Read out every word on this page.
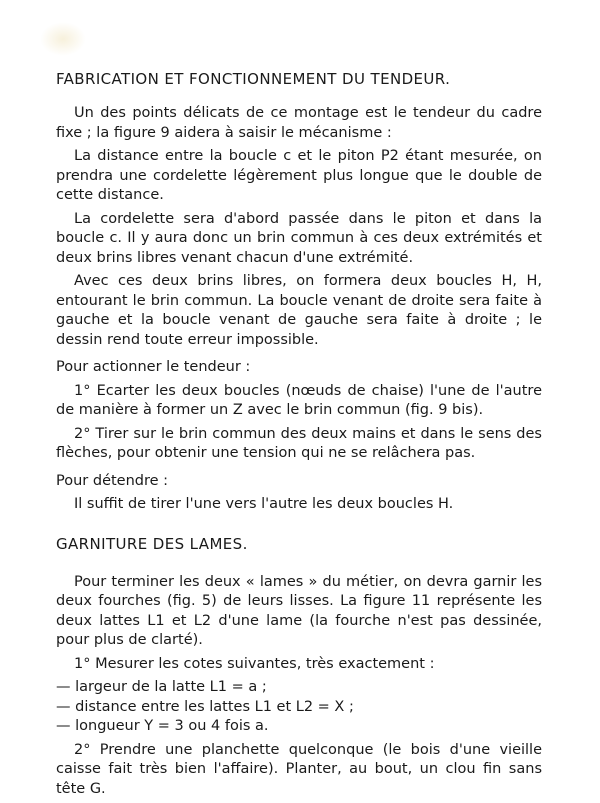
FABRICATION ET FONCTIONNEMENT DU TENDEUR.

Un des points délicats de ce montage est le tendeur du cadre fixe ; la figure 9 aidera à saisir le mécanisme :

La distance entre la boucle c et le piton P2 étant mesurée, on prendra une cordelette légèrement plus longue que le double de cette distance.

La cordelette sera d'abord passée dans le piton et dans la boucle c. Il y aura donc un brin commun à ces deux extrémités et deux brins libres venant chacun d'une extrémité.

Avec ces deux brins libres, on formera deux boucles H, H, entourant le brin commun. La boucle venant de droite sera faite à gauche et la boucle venant de gauche sera faite à droite ; le dessin rend toute erreur impossible.

Pour actionner le tendeur :

1° Ecarter les deux boucles (nœuds de chaise) l'une de l'autre de manière à former un Z avec le brin commun (fig. 9 bis).

2° Tirer sur le brin commun des deux mains et dans le sens des flèches, pour obtenir une tension qui ne se relâchera pas.

Pour détendre :

Il suffit de tirer l'une vers l'autre les deux boucles H.

GARNITURE DES LAMES.

Pour terminer les deux « lames » du métier, on devra garnir les deux fourches (fig. 5) de leurs lisses. La figure 11 représente les deux lattes L1 et L2 d'une lame (la fourche n'est pas dessinée, pour plus de clarté).

1° Mesurer les cotes suivantes, très exactement :

— largeur de la latte L1 = a ;
— distance entre les lattes L1 et L2 = X ;
— longueur Y = 3 ou 4 fois a.

2° Prendre une planchette quelconque (le bois d'une vieille caisse fait très bien l'affaire). Planter, au bout, un clou fin sans tête G.
